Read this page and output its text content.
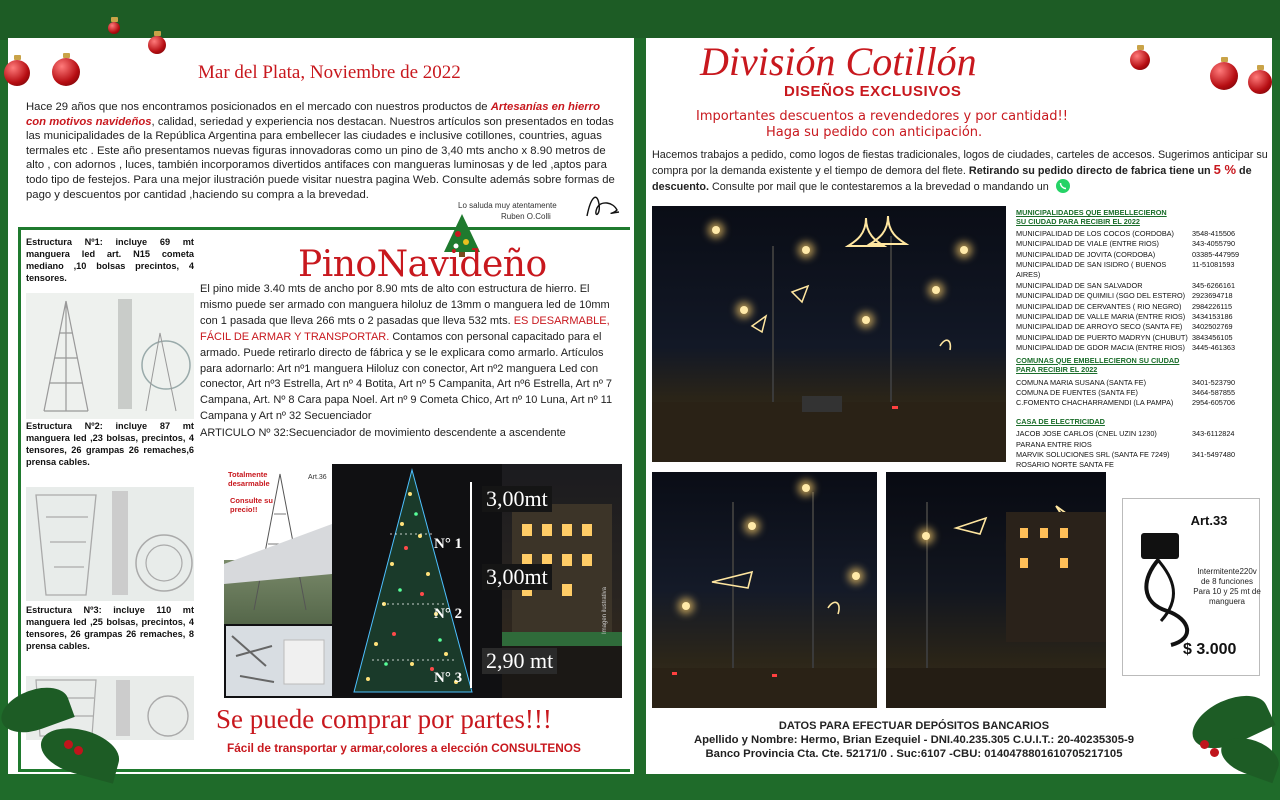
Mar del Plata, Noviembre de 2022
Hace 29 años que nos encontramos posicionados en el mercado con nuestros productos de Artesanías en hierro con motivos navideños, calidad, seriedad y experiencia nos destacan. Nuestros artículos son presentados en todas las municipalidades de la República Argentina para embellecer las ciudades e inclusive cotillones, countries, aguas termales etc . Este año presentamos nuevas figuras innovadoras como un pino de 3,40 mts ancho x 8.90 metros de alto , con adornos , luces, también incorporamos divertidos antifaces con mangueras luminosas y de led ,aptos para todo tipo de festejos. Para una mejor ilustración puede visitar nuestra pagina Web. Consulte además sobre formas de pago y descuentos por cantidad ,haciendo su compra a la brevedad.
Lo saluda muy atentamente
Ruben O.Colli
Estructura Nº1: incluye 69 mt manguera led art. N15 cometa mediano ,10 bolsas precintos, 4 tensores.
Estructura Nº2: incluye 87 mt manguera led ,23 bolsas, precintos, 4 tensores, 26 grampas 26 remaches,6 prensa cables.
Estructura Nº3: incluye 110 mt manguera led ,25 bolsas, precintos, 4 tensores, 26 grampas 26 remaches, 8 prensa cables.
PinoNavideño
El pino mide 3.40 mts de ancho por 8.90 mts de alto con estructura de hierro. El mismo puede ser armado con manguera hiloluz de 13mm o manguera led de 10mm con 1 pasada que lleva 266 mts o 2 pasadas que lleva 532 mts. ES DESARMABLE, FÁCIL DE ARMAR Y TRANSPORTAR. Contamos con personal capacitado para el armado. Puede retirarlo directo de fábrica y se le explicara como armarlo. Artículos para adornarlo: Art nº1 manguera Hiloluz con conector, Art nº2 manguera Led con conector, Art nº3 Estrella, Art nº 4 Botita, Art nº 5 Campanita, Art nº6 Estrella, Art nº 7 Campana, Art. Nº 8 Cara papa Noel. Art nº 9 Cometa Chico, Art nº 10 Luna, Art nº 11 Campana y Art nº 32 Secuenciador
ARTICULO Nº 32:Secuenciador de movimiento descendente a ascendente
Totalmente desarmable
Consulte su precio!!
Art.36
Imagen ilustrativa
3,00mt
3,00mt
2,90 mt
N° 1
N° 2
N° 3
Se puede comprar por partes!!!
Fácil de transportar y armar,colores a elección CONSULTENOS
División Cotillón
DISEÑOS EXCLUSIVOS
Importantes descuentos a revendedores y por cantidad!!
Haga su pedido con anticipación.
Hacemos trabajos a pedido, como logos de fiestas tradicionales, logos de ciudades, carteles de accesos. Sugerimos anticipar su compra por la demanda existente y el tiempo de demora del flete. Retirando su pedido directo de fabrica tiene un 5 % de descuento. Consulte por mail que le contestaremos a la brevedad o mandando un
MUNICIPALIDADES QUE EMBELLECIERON
SU CIUDAD PARA RECIBIR EL 2022
MUNICIPALIDAD DE LOS COCOS (CORDOBA) 3548-415506
MUNICIPALIDAD DE VIALE (ENTRE RIOS)	343-4055790
MUNICIPALIDAD DE JOVITA (CORDOBA)	03385-447959
MUNICIPALIDAD DE SAN ISIDRO ( BUENOS AIRES)
11-51081593
MUNICIPALIDAD DE SAN SALVADOR	345-6266161
MUNICIPALIDAD DE QUIMILI (SGO DEL ESTERO) 2923694718
MUNICIPALIDAD DE CERVANTES ( RIO NEGRO) 2984226115
MUNICIPALIDAD DE VALLE MARIA (ENTRE RIOS) 3434153186
MUNICIPALIDAD DE ARROYO SECO (SANTA FE) 3402502769
MUNICIPALIDAD DE PUERTO MADRYN (CHUBUT) 3843456105
MUNICIPALIDAD DE GDOR MACIA (ENTRE RIOS) 3445-461363
COMUNAS QUE EMBELLECIERON SU CIUDAD
PARA RECIBIR EL 2022
COMUNA MARIA SUSANA (SANTA FE)	3401-523790
COMUNA DE FUENTES (SANTA FE)	3464-587855
C.FOMENTO CHACHARRAMENDI (LA PAMPA)	2954-605706
CASA DE ELECTRICIDAD
JACOB JOSE CARLOS (CNEL UZIN 1230)	343-6112824
PARANA ENTRE RIOS
MARVIK SOLUCIONES SRL (SANTA FE 7249)	341-5497480
ROSARIO NORTE SANTA FE
Art.33
Intermitente220v de 8 funciones Para 10 y 25 mt de manguera
$ 3.000
DATOS PARA EFECTUAR DEPÓSITOS BANCARIOS
Apellido y Nombre: Hermo, Brian Ezequiel - DNI.40.235.305 C.U.I.T.: 20-40235305-9
Banco Provincia Cta. Cte. 52171/0 . Suc:6107 -CBU: 0140478801610705217105
